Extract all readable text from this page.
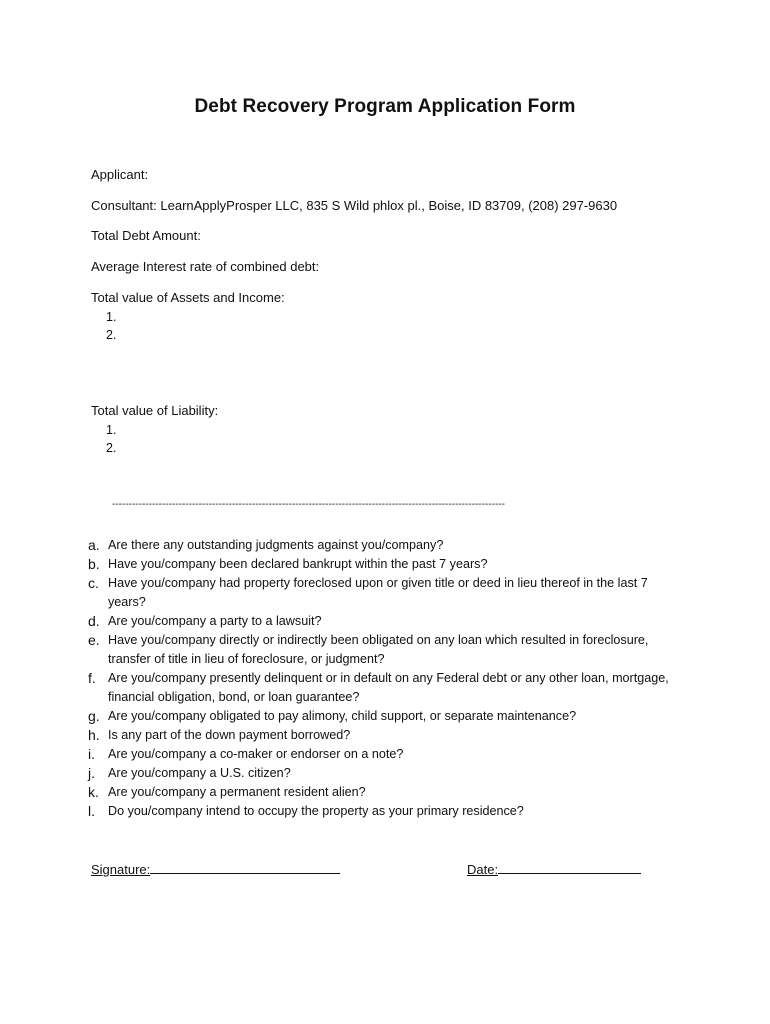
Debt Recovery Program Application Form
Applicant:
Consultant: LearnApplyProsper LLC, 835 S Wild phlox pl., Boise, ID 83709, (208) 297-9630
Total Debt Amount:
Average Interest rate of combined debt:
Total value of Assets and Income:
1.
2.
Total value of Liability:
1.
2.
----------------------------------------------------------------------------------------------------------------------
a. Are there any outstanding judgments against you/company?
b. Have you/company been declared bankrupt within the past 7 years?
c. Have you/company had property foreclosed upon or given title or deed in lieu thereof in the last 7 years?
d. Are you/company a party to a lawsuit?
e. Have you/company directly or indirectly been obligated on any loan which resulted in foreclosure, transfer of title in lieu of foreclosure, or judgment?
f. Are you/company presently delinquent or in default on any Federal debt or any other loan, mortgage, financial obligation, bond, or loan guarantee?
g. Are you/company obligated to pay alimony, child support, or separate maintenance?
h. Is any part of the down payment borrowed?
i.	Are you/company a co-maker or endorser on a note?
j.	Are you/company a U.S. citizen?
k. Are you/company a permanent resident alien?
l.	Do you/company intend to occupy the property as your primary residence?
Signature:	Date:
